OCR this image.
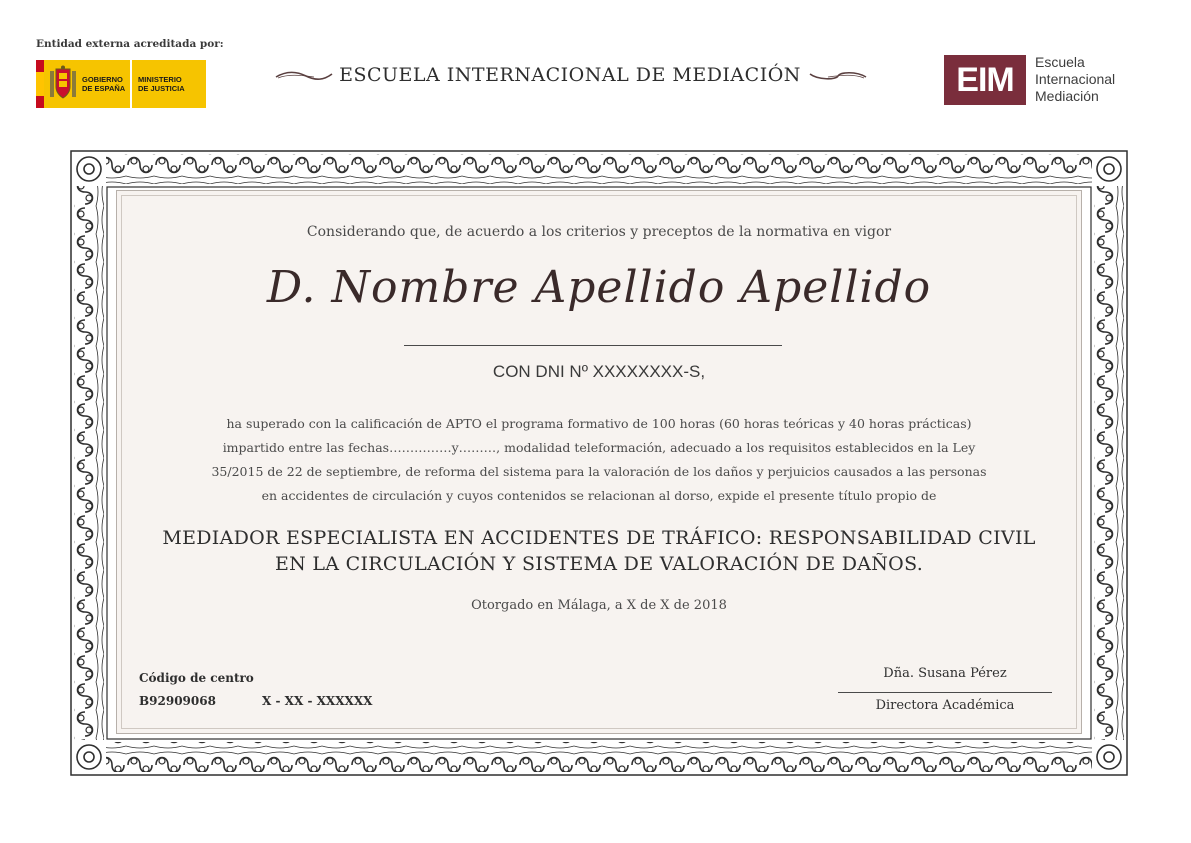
Entidad externa acreditada por:
GOBIERNO
DE ESPAÑA
MINISTERIO
DE JUSTICIA
ESCUELA INTERNACIONAL DE MEDIACIÓN	EIM Escuela
Internacional
Mediación
Considerando que, de acuerdo a los criterios y preceptos de la normativa en vigor
D. Nombre Apellido Apellido
CON DNI Nº XXXXXXXX-S,
ha superado con la calificación de APTO el programa formativo de 100 horas (60 horas teóricas y 40 horas prácticas)
impartido entre las fechas……………y………, modalidad teleformación, adecuado a los requisitos establecidos en la Ley
35/2015 de 22 de septiembre, de reforma del sistema para la valoración de los daños y perjuicios causados a las personas
en accidentes de circulación y cuyos contenidos se relacionan al dorso, expide el presente título propio de
MEDIADOR ESPECIALISTA EN ACCIDENTES DE TRÁFICO: RESPONSABILIDAD CIVIL
EN LA CIRCULACIÓN Y SISTEMA DE VALORACIÓN DE DAÑOS.
Otorgado en Málaga, a X de X de 2018
Código de centro
B92909068	X - XX - XXXXXX
Dña. Susana Pérez
Directora Académica
